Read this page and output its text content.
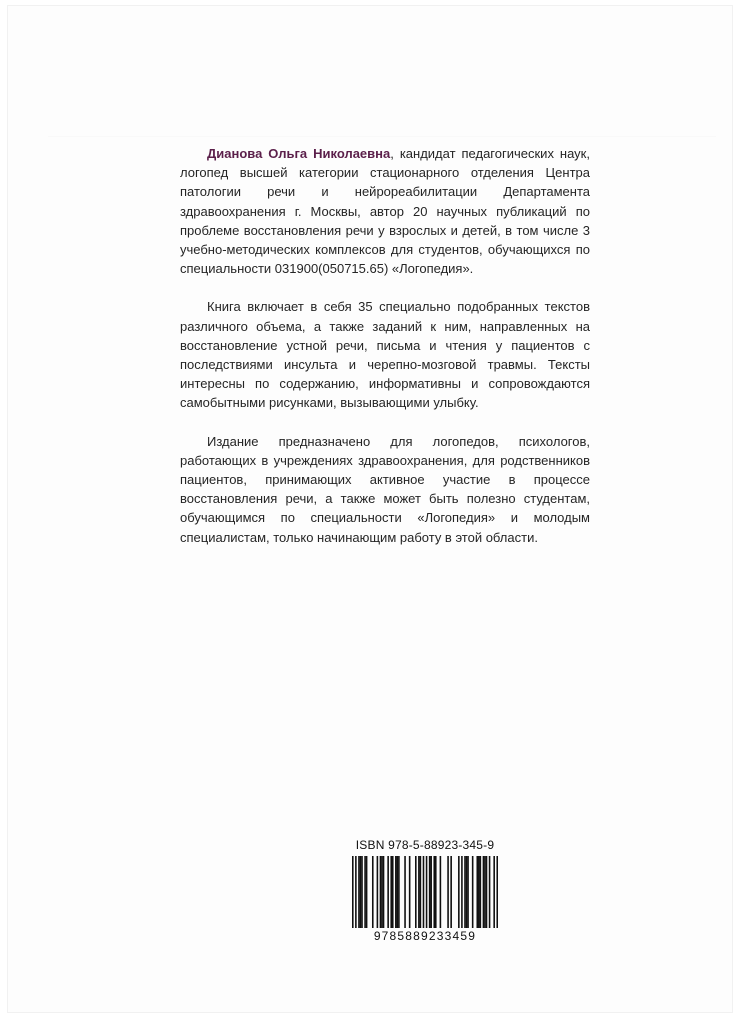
Дианова Ольга Николаевна, кандидат педагогических наук, логопед высшей категории стационарного отделения Центра патологии речи и нейрореабилитации Департамента здравоохранения г. Москвы, автор 20 научных публикаций по проблеме восстановления речи у взрослых и детей, в том числе 3 учебно-методических комплексов для студентов, обучающихся по специальности 031900(050715.65) «Логопедия».

Книга включает в себя 35 специально подобранных текстов различного объема, а также заданий к ним, направленных на восстановление устной речи, письма и чтения у пациентов с последствиями инсульта и черепно-мозговой травмы. Тексты интересны по содержанию, информативны и сопровождаются самобытными рисунками, вызывающими улыбку.

Издание предназначено для логопедов, психологов, работающих в учреждениях здравоохранения, для родственников пациентов, принимающих активное участие в процессе восстановления речи, а также может быть полезно студентам, обучающимся по специальности «Логопедия» и молодым специалистам, только начинающим работу в этой области.

ISBN 978-5-88923-345-9
9785889233459
